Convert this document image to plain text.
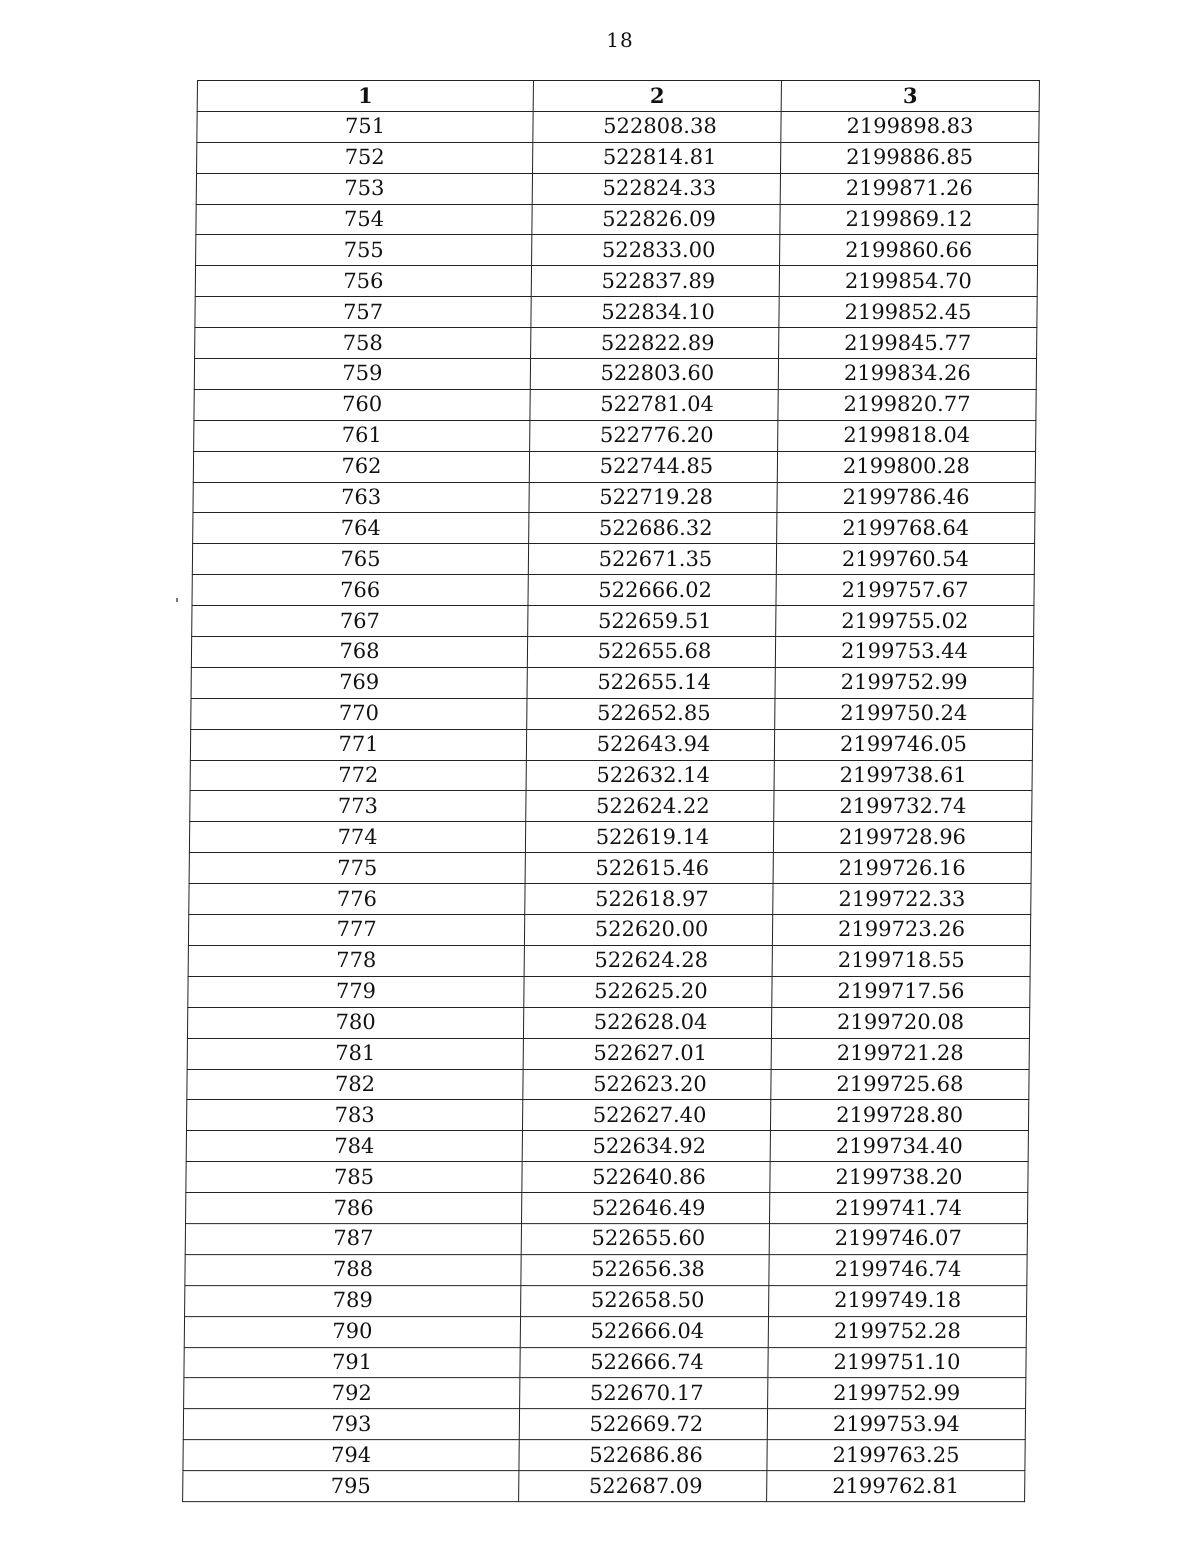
18
1	2	3
751	522808.38	2199898.83
752	522814.81	2199886.85
753	522824.33	2199871.26
754	522826.09	2199869.12
755	522833.00	2199860.66
756	522837.89	2199854.70
757	522834.10	2199852.45
758	522822.89	2199845.77
759	522803.60	2199834.26
760	522781.04	2199820.77
761	522776.20	2199818.04
762	522744.85	2199800.28
763	522719.28	2199786.46
764	522686.32	2199768.64
765	522671.35	2199760.54
766	522666.02	2199757.67
767	522659.51	2199755.02
768	522655.68	2199753.44
769	522655.14	2199752.99
770	522652.85	2199750.24
771	522643.94	2199746.05
772	522632.14	2199738.61
773	522624.22	2199732.74
774	522619.14	2199728.96
775	522615.46	2199726.16
776	522618.97	2199722.33
777	522620.00	2199723.26
778	522624.28	2199718.55
779	522625.20	2199717.56
780	522628.04	2199720.08
781	522627.01	2199721.28
782	522623.20	2199725.68
783	522627.40	2199728.80
784	522634.92	2199734.40
785	522640.86	2199738.20
786	522646.49	2199741.74
787	522655.60	2199746.07
788	522656.38	2199746.74
789	522658.50	2199749.18
790	522666.04	2199752.28
791	522666.74	2199751.10
792	522670.17	2199752.99
793	522669.72	2199753.94
794	522686.86	2199763.25
795	522687.09	2199762.81
